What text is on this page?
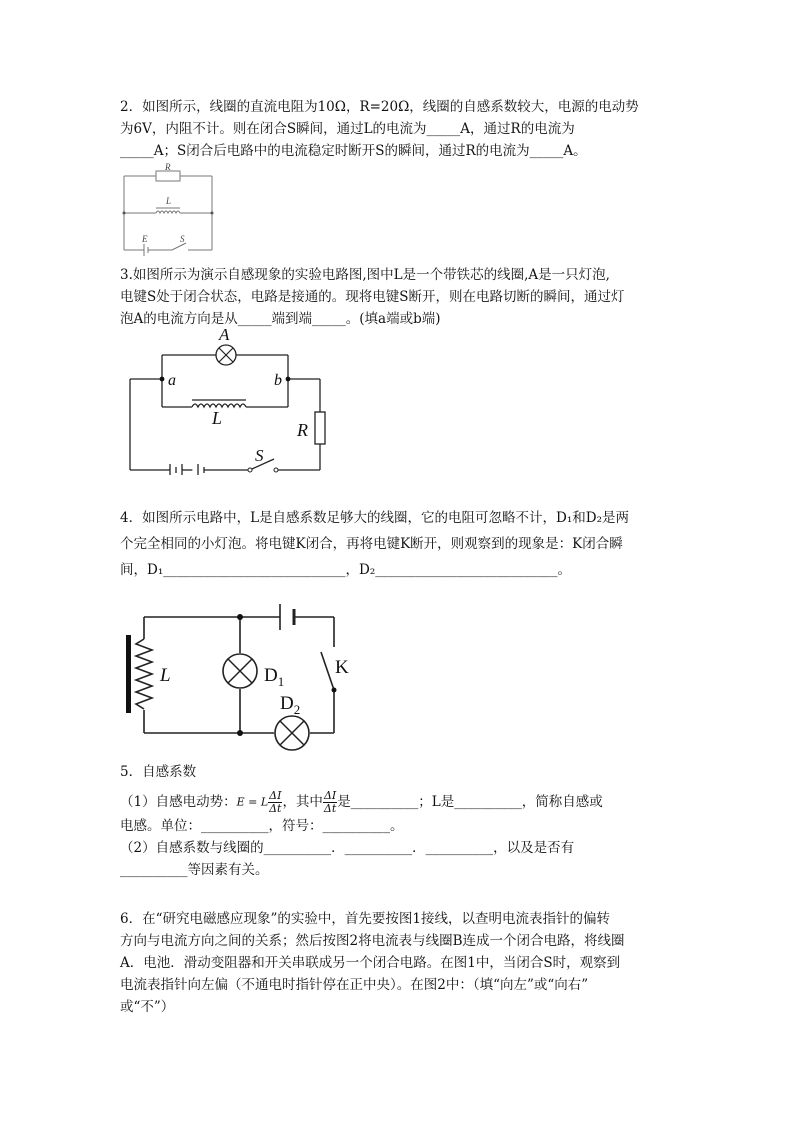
2．如图所示，线圈的直流电阻为10Ω，R=20Ω，线圈的自感系数较大，电源的电动势

为6V，内阻不计。则在闭合S瞬间，通过L的电流为_____A，通过R的电流为

_____A；S闭合后电路中的电流稳定时断开S的瞬间，通过R的电流为_____A。

R
L
E	S

3.如图所示为演示自感现象的实验电路图,图中L是一个带铁芯的线圈,A是一只灯泡,

电键S处于闭合状态，电路是接通的。现将电键S断开，则在电路切断的瞬间，通过灯

泡A的电流方向是从_____端到端_____。(填a端或b端)

A
a	b
L
R
S

4．如图所示电路中，L是自感系数足够大的线圈，它的电阻可忽略不计，D₁和D₂是两

个完全相同的小灯泡。将电键K闭合，再将电键K断开，则观察到的现象是：K闭合瞬

间，D₁___________________________，D₂___________________________。

L	$D_1$
$D_2$
K

5．自感系数

（1）自感电动势：E = L $\frac{\Delta I}{\Delta t}$ ，其中 $\frac{\Delta I}{\Delta t}$ 是__________；L是__________，简称自感或

电感。单位：__________，符号：__________。

（2）自感系数与线圈的__________．__________．__________，以及是否有

__________等因素有关。

6．在“研究电磁感应现象”的实验中，首先要按图1接线，以查明电流表指针的偏转

方向与电流方向之间的关系；然后按图2将电流表与线圈B连成一个闭合电路，将线圈

A．电池．滑动变阻器和开关串联成另一个闭合电路。在图1中，当闭合S时，观察到

电流表指针向左偏（不通电时指针停在正中央）。在图2中：（填“向左”或“向右”

或“不”）
